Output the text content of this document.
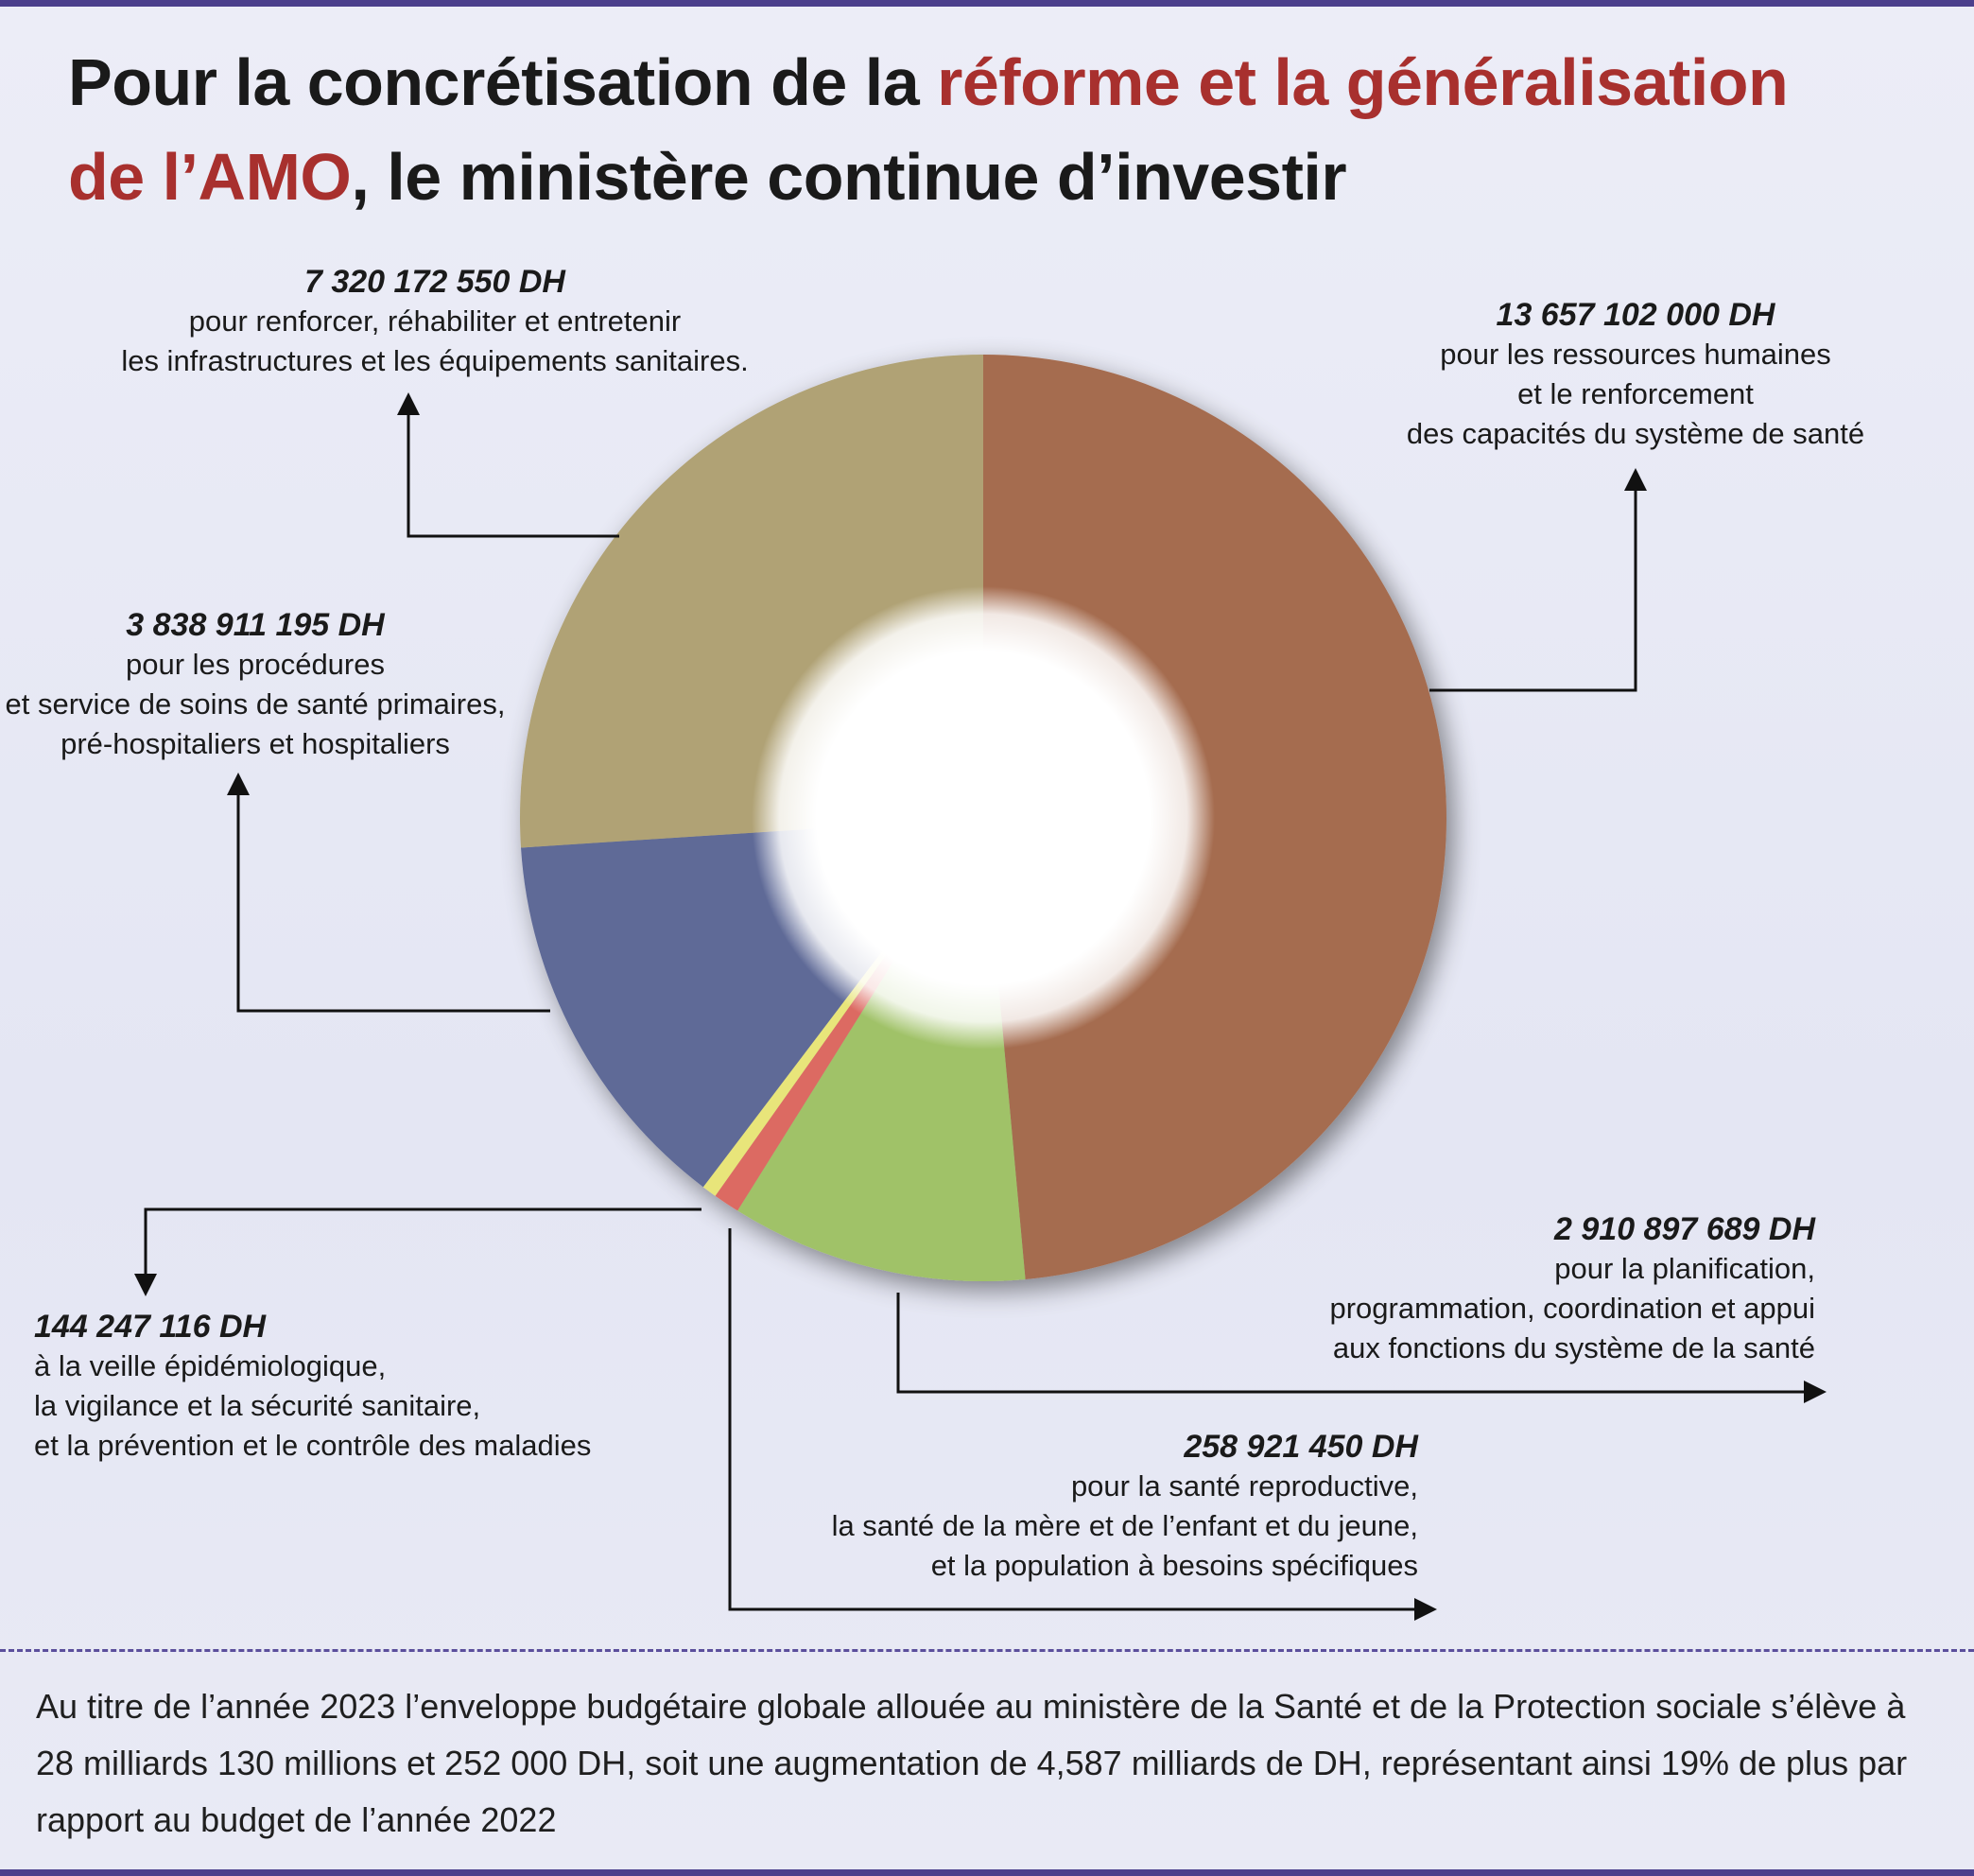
Pour la concrétisation de la réforme et la généralisation
de l’AMO, le ministère continue d’investir
7 320 172 550 DH
pour renforcer, réhabiliter et entretenir
les infrastructures et les équipements sanitaires.
13 657 102 000 DH
pour les ressources humaines
et le renforcement
des capacités du système de santé
3 838 911 195 DH
pour les procédures
et service de soins de santé primaires,
pré-hospitaliers et hospitaliers
144 247 116 DH
à la veille épidémiologique,
la vigilance et la sécurité sanitaire,
et la prévention et le contrôle des maladies
2 910 897 689 DH
pour la planification,
programmation, coordination et appui
aux fonctions du système de la santé
258 921 450 DH
pour la santé reproductive,
la santé de la mère et de l’enfant et du jeune,
et la population à besoins spécifiques
Au titre de l’année 2023 l’enveloppe budgétaire globale allouée au ministère de la Santé et de la Protection sociale s’élève à 28 milliards 130 millions et 252 000 DH, soit une augmentation de 4,587 milliards de DH, représentant ainsi 19% de plus par rapport au budget de l’année 2022
